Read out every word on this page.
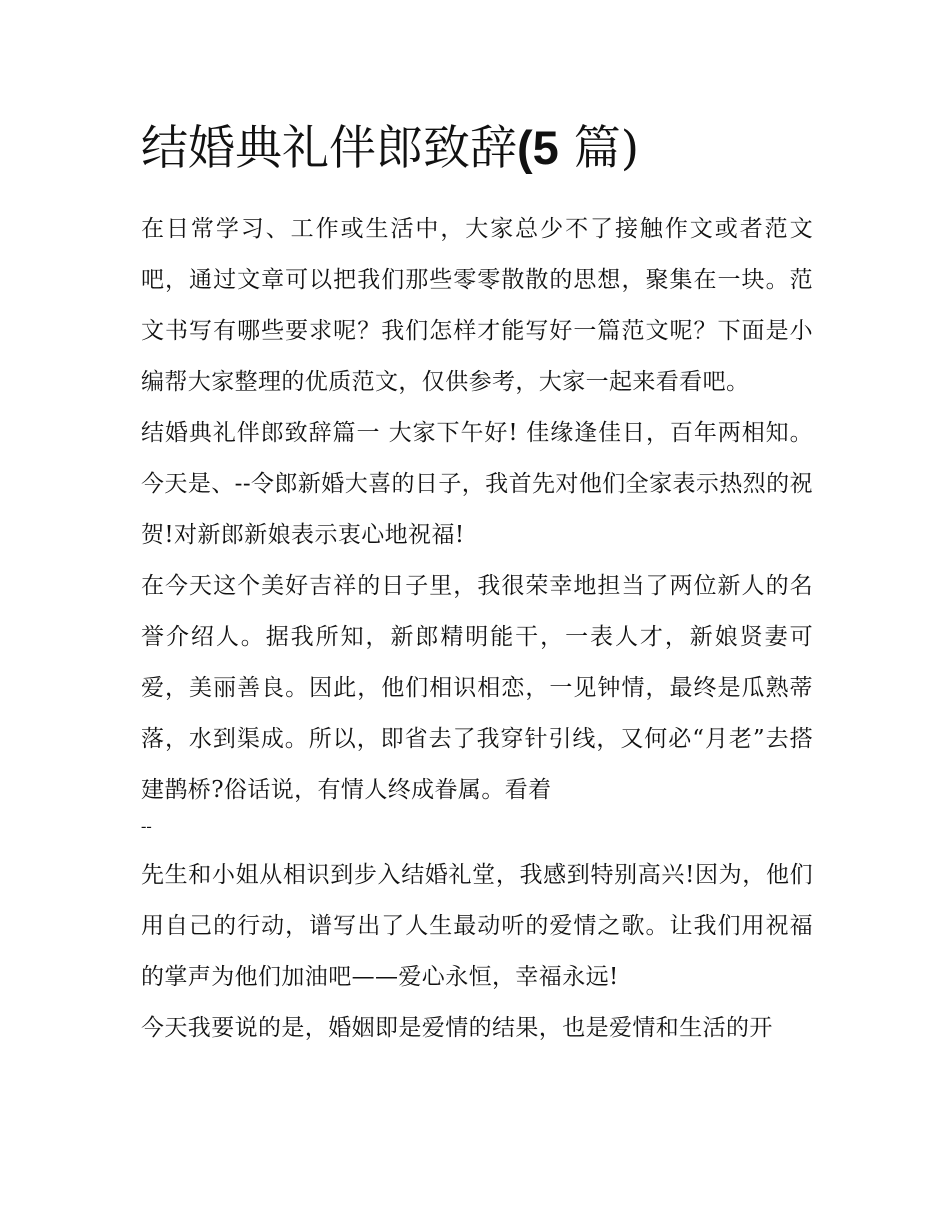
结婚典礼伴郎致辞(5 篇)

在日常学习、工作或生活中，大家总少不了接触作文或者范文吧，通过文章可以把我们那些零零散散的思想，聚集在一块。范文书写有哪些要求呢？我们怎样才能写好一篇范文呢？下面是小编帮大家整理的优质范文，仅供参考，大家一起来看看吧。

结婚典礼伴郎致辞篇一 大家下午好! 佳缘逢佳日，百年两相知。 今天是、--令郎新婚大喜的日子，我首先对他们全家表示热烈的祝贺!对新郎新娘表示衷心地祝福!

在今天这个美好吉祥的日子里，我很荣幸地担当了两位新人的名誉介绍人。据我所知，新郎精明能干，一表人才，新娘贤妻可爱，美丽善良。因此，他们相识相恋，一见钟情，最终是瓜熟蒂落，水到渠成。所以，即省去了我穿针引线，又何必“月老”去搭建鹊桥?俗话说，有情人终成眷属。看着

--

先生和小姐从相识到步入结婚礼堂，我感到特别高兴!因为，他们用自己的行动，谱写出了人生最动听的爱情之歌。让我们用祝福的掌声为他们加油吧——爱心永恒，幸福永远!

今天我要说的是，婚姻即是爱情的结果，也是爱情和生活的开
